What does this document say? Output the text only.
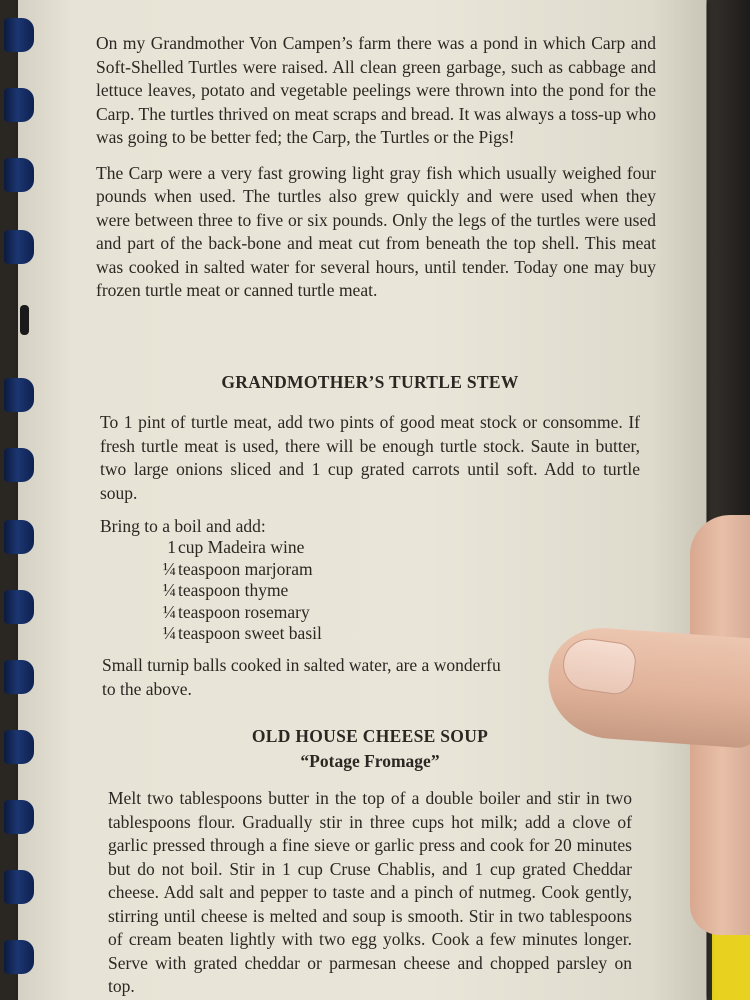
On my Grandmother Von Campen’s farm there was a pond in which Carp and Soft-Shelled Turtles were raised. All clean green garbage, such as cabbage and lettuce leaves, potato and vegetable peelings were thrown into the pond for the Carp. The turtles thrived on meat scraps and bread. It was always a toss-up who was going to be better fed; the Carp, the Turtles or the Pigs!

The Carp were a very fast growing light gray fish which usually weighed four pounds when used. The turtles also grew quickly and were used when they were between three to five or six pounds. Only the legs of the turtles were used and part of the back-bone and meat cut from beneath the top shell. This meat was cooked in salted water for several hours, until tender. Today one may buy frozen turtle meat or canned turtle meat.

GRANDMOTHER’S TURTLE STEW

To 1 pint of turtle meat, add two pints of good meat stock or consomme. If fresh turtle meat is used, there will be enough turtle stock. Saute in butter, two large onions sliced and 1 cup grated carrots until soft. Add to turtle soup.

Bring to a boil and add:

1 cup Madeira wine
¼ teaspoon marjoram
¼ teaspoon thyme
¼ teaspoon rosemary
¼ teaspoon sweet basil
Small turnip balls cooked in salted water, are a wonderfu
to the above.
OLD HOUSE CHEESE SOUP
“Potage Fromage”

Melt two tablespoons butter in the top of a double boiler and stir in two tablespoons flour. Gradually stir in three cups hot milk; add a clove of garlic pressed through a fine sieve or garlic press and cook for 20 minutes but do not boil. Stir in 1 cup Cruse Chablis, and 1 cup grated Cheddar cheese. Add salt and pepper to taste and a pinch of nutmeg. Cook gently, stirring until cheese is melted and soup is smooth. Stir in two tablespoons of cream beaten lightly with two egg yolks. Cook a few minutes longer. Serve with grated cheddar or parmesan cheese and chopped parsley on top.
